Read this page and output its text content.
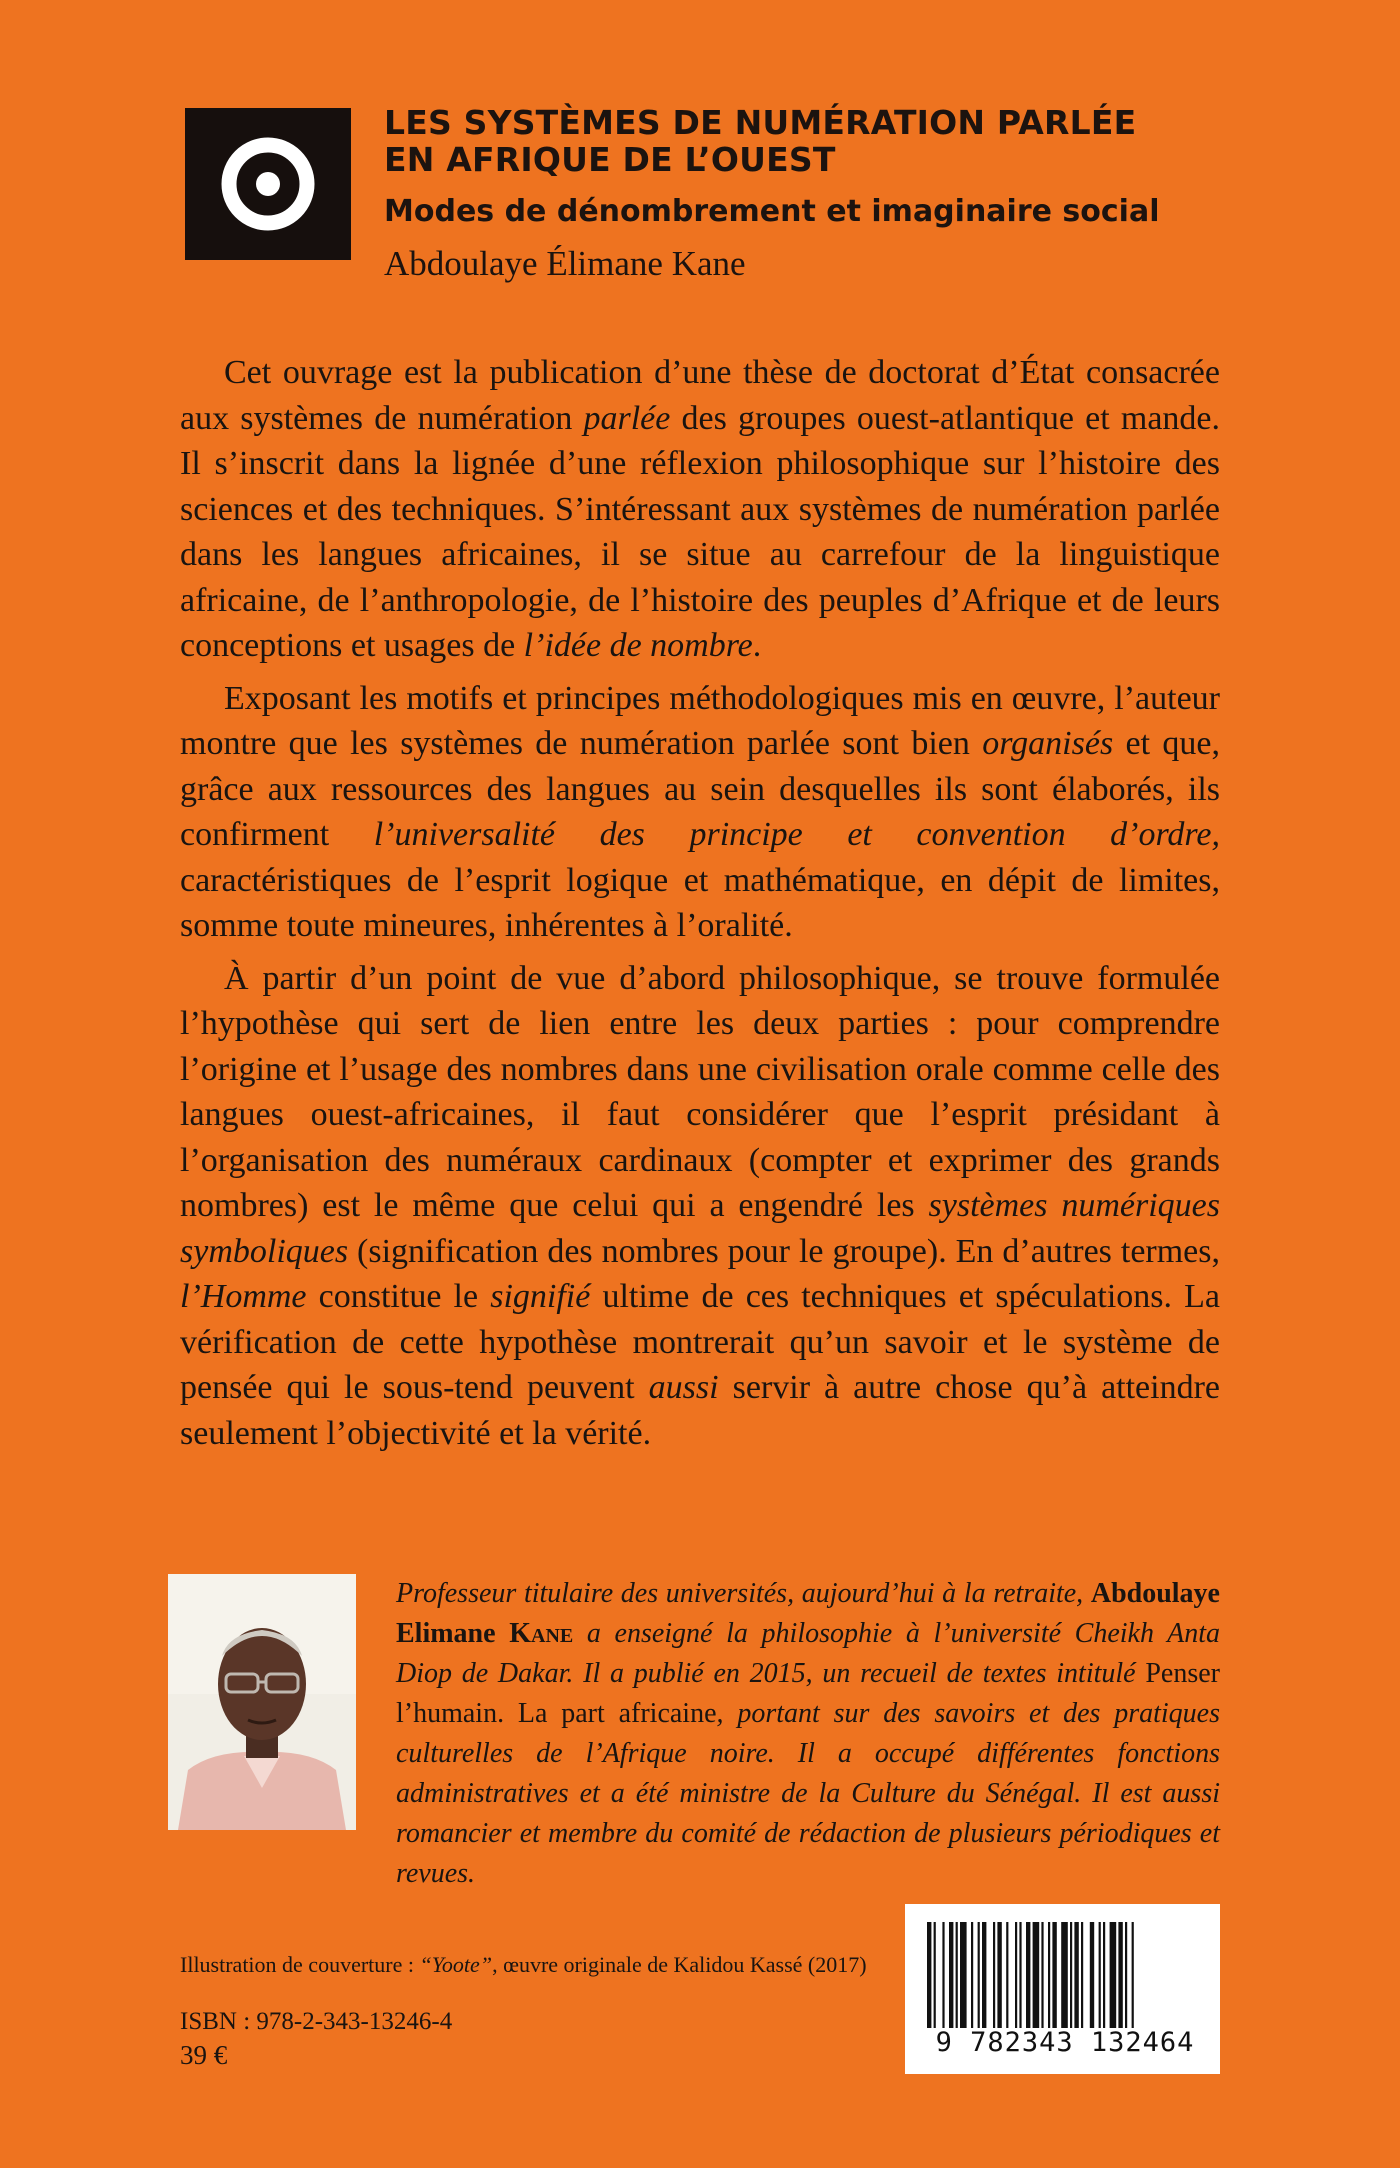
LES SYSTÈMES DE NUMÉRATION PARLÉE
EN AFRIQUE DE L’OUEST
Modes de dénombrement et imaginaire social
Abdoulaye Élimane Kane

Cet ouvrage est la publication d’une thèse de doctorat d’État consacrée aux systèmes de numération parlée des groupes ouest-atlantique et mande. Il s’inscrit dans la lignée d’une réflexion philosophique sur l’histoire des sciences et des techniques. S’intéressant aux systèmes de numération parlée dans les langues africaines, il se situe au carrefour de la linguistique africaine, de l’anthropologie, de l’histoire des peuples d’Afrique et de leurs conceptions et usages de l’idée de nombre.

Exposant les motifs et principes méthodologiques mis en œuvre, l’auteur montre que les systèmes de numération parlée sont bien organisés et que, grâce aux ressources des langues au sein desquelles ils sont élaborés, ils confirment l’universalité des principe et convention d’ordre, caractéristiques de l’esprit logique et mathématique, en dépit de limites, somme toute mineures, inhérentes à l’oralité.

À partir d’un point de vue d’abord philosophique, se trouve formulée l’hypothèse qui sert de lien entre les deux parties : pour comprendre l’origine et l’usage des nombres dans une civilisation orale comme celle des langues ouest-africaines, il faut considérer que l’esprit présidant à l’organisation des numéraux cardinaux (compter et exprimer des grands nombres) est le même que celui qui a engendré les systèmes numériques symboliques (signification des nombres pour le groupe). En d’autres termes, l’Homme constitue le signifié ultime de ces techniques et spéculations. La vérification de cette hypothèse montrerait qu’un savoir et le système de pensée qui le sous-tend peuvent aussi servir à autre chose qu’à atteindre seulement l’objectivité et la vérité.

Professeur titulaire des universités, aujourd’hui à la retraite, Abdoulaye Elimane Kane a enseigné la philosophie à l’université Cheikh Anta Diop de Dakar. Il a publié en 2015, un recueil de textes intitulé Penser l’humain. La part africaine, portant sur des savoirs et des pratiques culturelles de l’Afrique noire. Il a occupé différentes fonctions administratives et a été ministre de la Culture du Sénégal. Il est aussi romancier et membre du comité de rédaction de plusieurs périodiques et revues.
Illustration de couverture : “Yoote”, œuvre originale de Kalidou Kassé (2017)
ISBN : 978-2-343-13246-4
39 €	9 782343 132464
